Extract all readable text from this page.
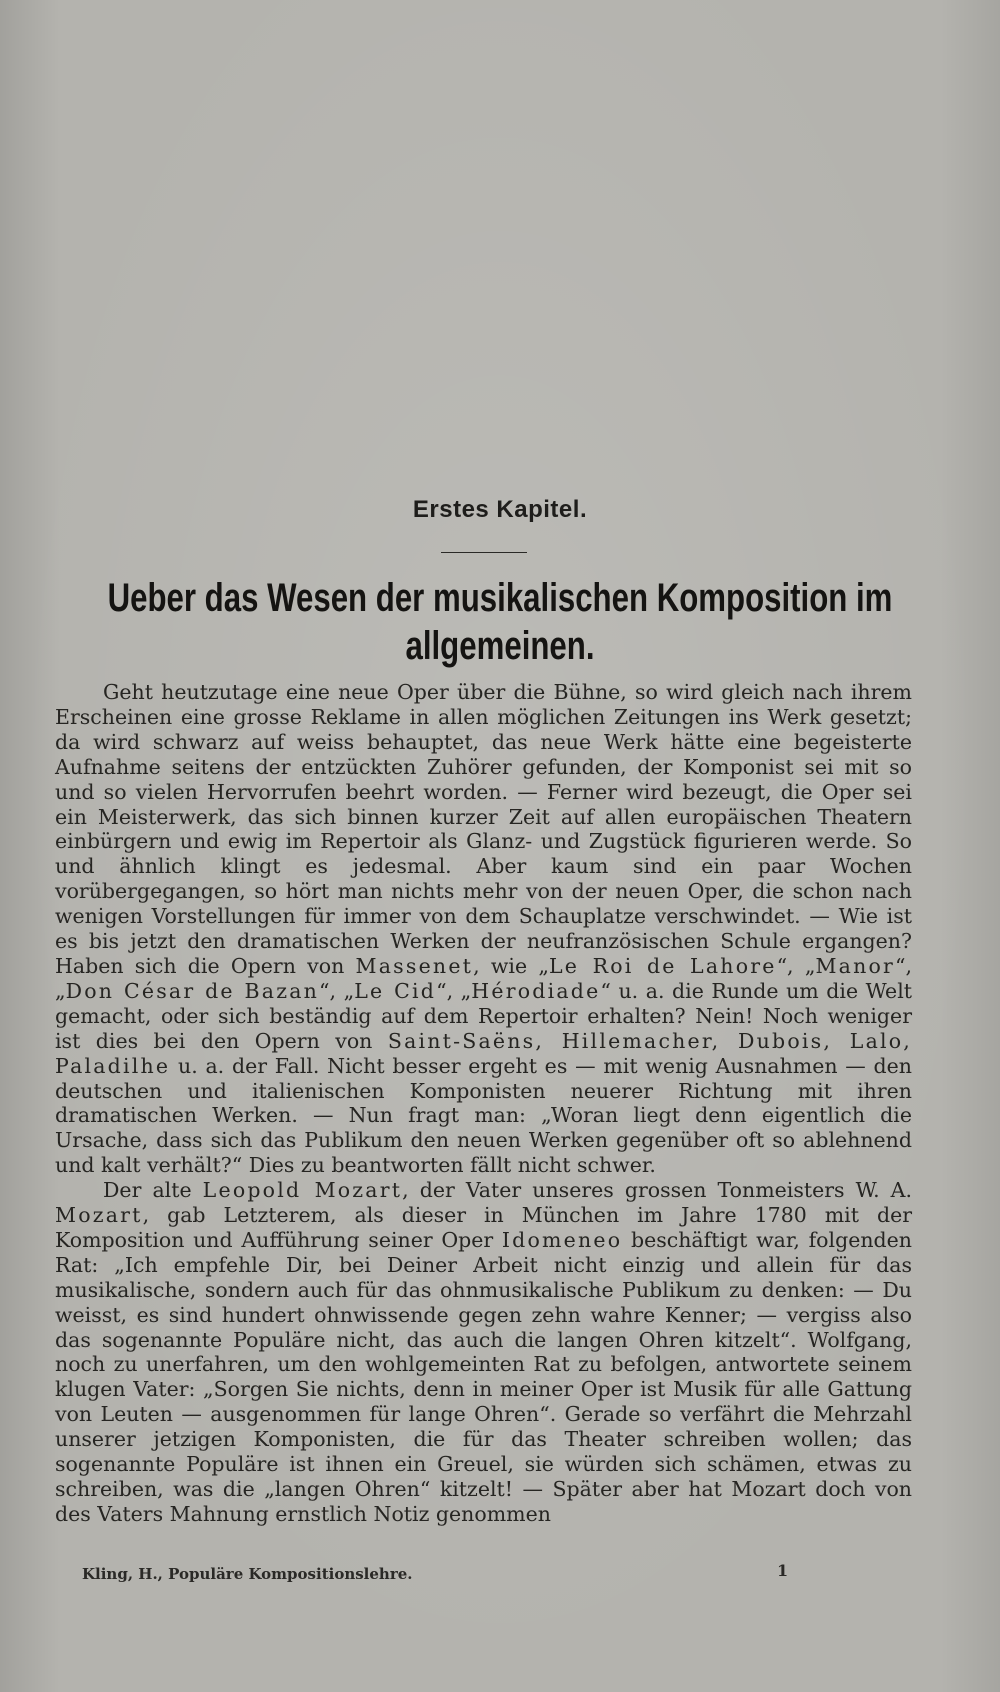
Erstes Kapitel.
Ueber das Wesen der musikalischen Komposition im allgemeinen.

Geht heutzutage eine neue Oper über die Bühne, so wird gleich nach ihrem Erscheinen eine grosse Reklame in allen möglichen Zeitungen ins Werk gesetzt; da wird schwarz auf weiss behauptet, das neue Werk hätte eine begeisterte Aufnahme seitens der entzückten Zuhörer gefunden, der Komponist sei mit so und so vielen Hervorrufen beehrt worden. — Ferner wird bezeugt, die Oper sei ein Meisterwerk, das sich binnen kurzer Zeit auf allen europäischen Theatern einbürgern und ewig im Repertoir als Glanz- und Zugstück figurieren werde. So und ähnlich klingt es jedesmal. Aber kaum sind ein paar Wochen vorübergegangen, so hört man nichts mehr von der neuen Oper, die schon nach wenigen Vorstellungen für immer von dem Schauplatze verschwindet. — Wie ist es bis jetzt den dramatischen Werken der neufranzösischen Schule ergangen? Haben sich die Opern von Massenet, wie „Le Roi de Lahore“, „Manor“, „Don César de Bazan“, „Le Cid“, „Hérodiade“ u. a. die Runde um die Welt gemacht, oder sich beständig auf dem Repertoir erhalten? Nein! Noch weniger ist dies bei den Opern von Saint-Saëns, Hillemacher, Dubois, Lalo, Paladilhe u. a. der Fall. Nicht besser ergeht es — mit wenig Ausnahmen — den deutschen und italienischen Komponisten neuerer Richtung mit ihren dramatischen Werken. — Nun fragt man: „Woran liegt denn eigentlich die Ursache, dass sich das Publikum den neuen Werken gegenüber oft so ablehnend und kalt verhält?“ Dies zu beantworten fällt nicht schwer.

Der alte Leopold Mozart, der Vater unseres grossen Tonmeisters W. A. Mozart, gab Letzterem, als dieser in München im Jahre 1780 mit der Komposition und Aufführung seiner Oper Idomeneo beschäftigt war, folgenden Rat: „Ich empfehle Dir, bei Deiner Arbeit nicht einzig und allein für das musikalische, sondern auch für das ohnmusikalische Publikum zu denken: — Du weisst, es sind hundert ohnwissende gegen zehn wahre Kenner; — vergiss also das sogenannte Populäre nicht, das auch die langen Ohren kitzelt“. Wolfgang, noch zu unerfahren, um den wohlgemeinten Rat zu befolgen, antwortete seinem klugen Vater: „Sorgen Sie nichts, denn in meiner Oper ist Musik für alle Gattung von Leuten — ausgenommen für lange Ohren“. Gerade so verfährt die Mehrzahl unserer jetzigen Komponisten, die für das Theater schreiben wollen; das sogenannte Populäre ist ihnen ein Greuel, sie würden sich schämen, etwas zu schreiben, was die „langen Ohren“ kitzelt! — Später aber hat Mozart doch von des Vaters Mahnung ernstlich Notiz genommen

Kling, H., Populäre Kompositionslehre.	1
